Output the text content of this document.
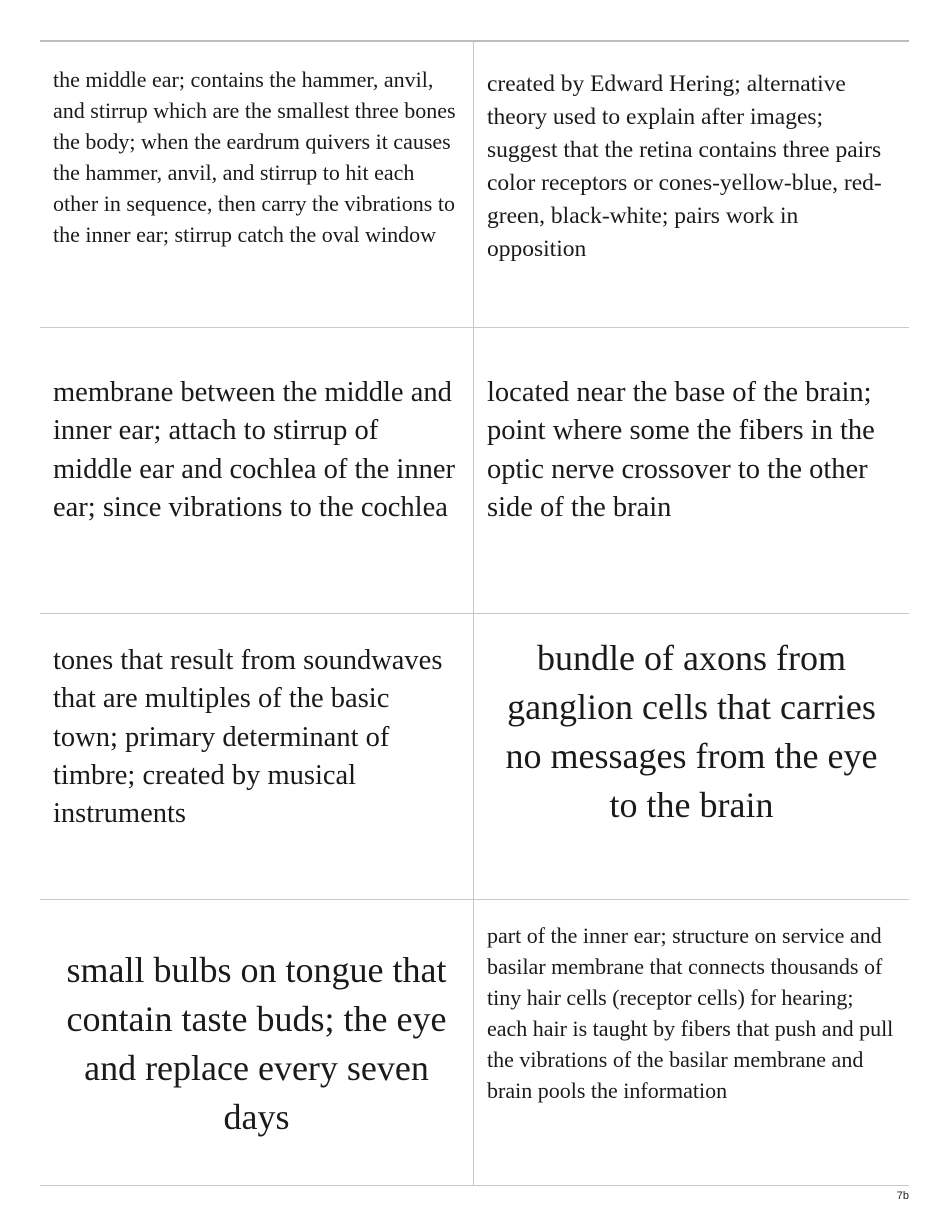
the middle ear; contains the hammer, anvil, and stirrup which are the smallest three bones the body; when the eardrum quivers it causes the hammer, anvil, and stirrup to hit each other in sequence, then carry the vibrations to the inner ear; stirrup catch the oval window
created by Edward Hering; alternative theory used to explain after images; suggest that the retina contains three pairs color receptors or cones-yellow-blue, red-green, black-white; pairs work in opposition
membrane between the middle and inner ear; attach to stirrup of middle ear and cochlea of the inner ear; since vibrations to the cochlea
located near the base of the brain; point where some the fibers in the optic nerve crossover to the other side of the brain
tones that result from soundwaves that are multiples of the basic town; primary determinant of timbre; created by musical instruments
bundle of axons from ganglion cells that carries no messages from the eye to the brain
small bulbs on tongue that contain taste buds; the eye and replace every seven days
part of the inner ear; structure on service and basilar membrane that connects thousands of tiny hair cells (receptor cells) for hearing; each hair is taught by fibers that push and pull the vibrations of the basilar membrane and brain pools the information
7b
